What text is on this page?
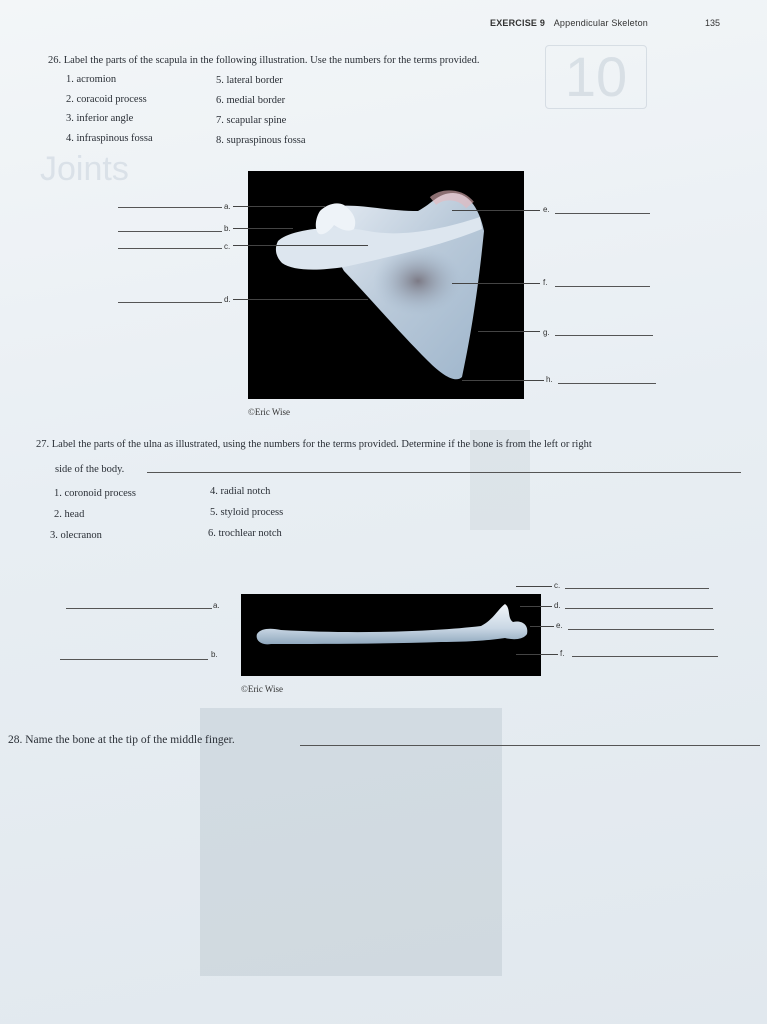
10
Joints
EXERCISE 9 Appendicular Skeleton	135
26. Label the parts of the scapula in the following illustration. Use the numbers for the terms provided.
1. acromion
2. coracoid process
3. inferior angle
4. infraspinous fossa
5. lateral border
6. medial border
7. scapular spine
8. supraspinous fossa
a.
b.
c.
d.
e.
f.
g.
h.
©Eric Wise
27. Label the parts of the ulna as illustrated, using the numbers for the terms provided. Determine if the bone is from the left or right
side of the body.
1. coronoid process
2. head
3. olecranon
4. radial notch
5. styloid process
6. trochlear notch
a.
b.
c.
d.
e.
f.
©Eric Wise
28. Name the bone at the tip of the middle finger.
